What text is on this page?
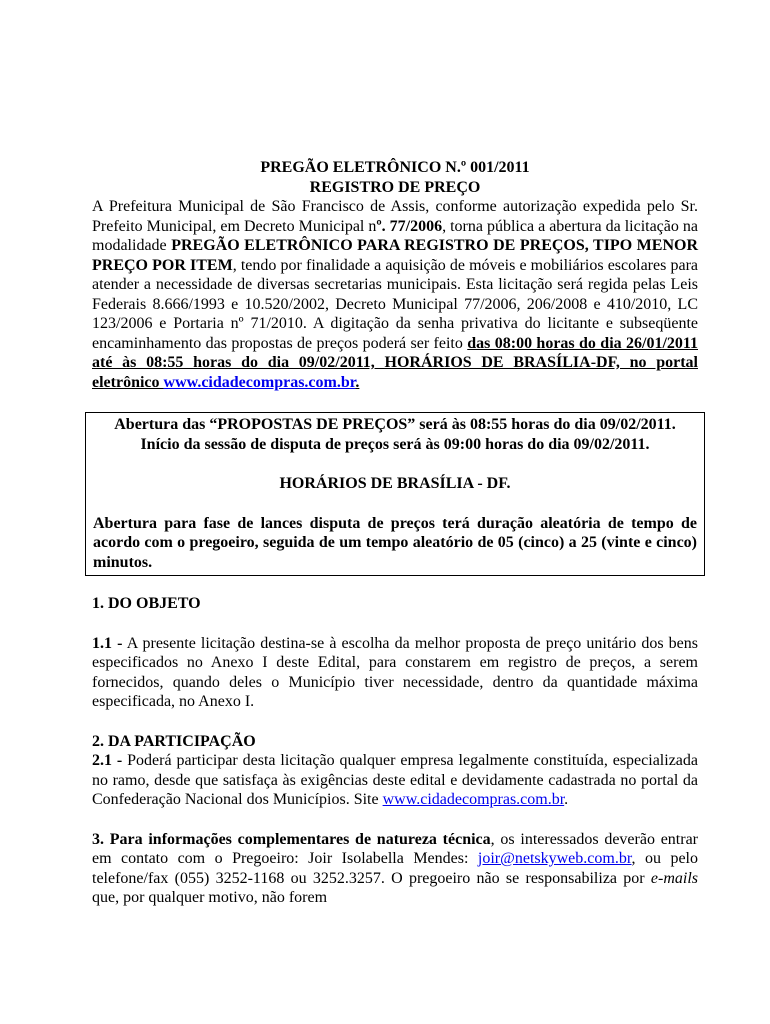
PREGÃO ELETRÔNICO N.º 001/2011

REGISTRO DE PREÇO

A Prefeitura Municipal de São Francisco de Assis, conforme autorização expedida pelo Sr. Prefeito Municipal, em Decreto Municipal nº. 77/2006, torna pública a abertura da licitação na modalidade PREGÃO ELETRÔNICO PARA REGISTRO DE PREÇOS, TIPO MENOR PREÇO POR ITEM, tendo por finalidade a aquisição de móveis e mobiliários escolares para atender a necessidade de diversas secretarias municipais. Esta licitação será regida pelas Leis Federais 8.666/1993 e 10.520/2002, Decreto Municipal 77/2006, 206/2008 e 410/2010, LC 123/2006 e Portaria nº 71/2010. A digitação da senha privativa do licitante e subseqüente encaminhamento das propostas de preços poderá ser feito das 08:00 horas do dia 26/01/2011 até às 08:55 horas do dia 09/02/2011, HORÁRIOS DE BRASÍLIA-DF, no portal eletrônico www.cidadecompras.com.br.

Abertura das “PROPOSTAS DE PREÇOS” será às 08:55 horas do dia 09/02/2011.

Início da sessão de disputa de preços será às 09:00 horas do dia 09/02/2011.

HORÁRIOS DE BRASÍLIA - DF.

Abertura para fase de lances disputa de preços terá duração aleatória de tempo de acordo com o pregoeiro, seguida de um tempo aleatório de 05 (cinco) a 25 (vinte e cinco) minutos.

1. DO OBJETO

1.1 - A presente licitação destina-se à escolha da melhor proposta de preço unitário dos bens especificados no Anexo I deste Edital, para constarem em registro de preços, a serem fornecidos, quando deles o Município tiver necessidade, dentro da quantidade máxima especificada, no Anexo I.

2. DA PARTICIPAÇÃO

2.1 - Poderá participar desta licitação qualquer empresa legalmente constituída, especializada no ramo, desde que satisfaça às exigências deste edital e devidamente cadastrada no portal da Confederação Nacional dos Municípios. Site www.cidadecompras.com.br.

3. Para informações complementares de natureza técnica, os interessados deverão entrar em contato com o Pregoeiro: Joir Isolabella Mendes: joir@netskyweb.com.br, ou pelo telefone/fax (055) 3252-1168 ou 3252.3257. O pregoeiro não se responsabiliza por e-mails que, por qualquer motivo, não forem
